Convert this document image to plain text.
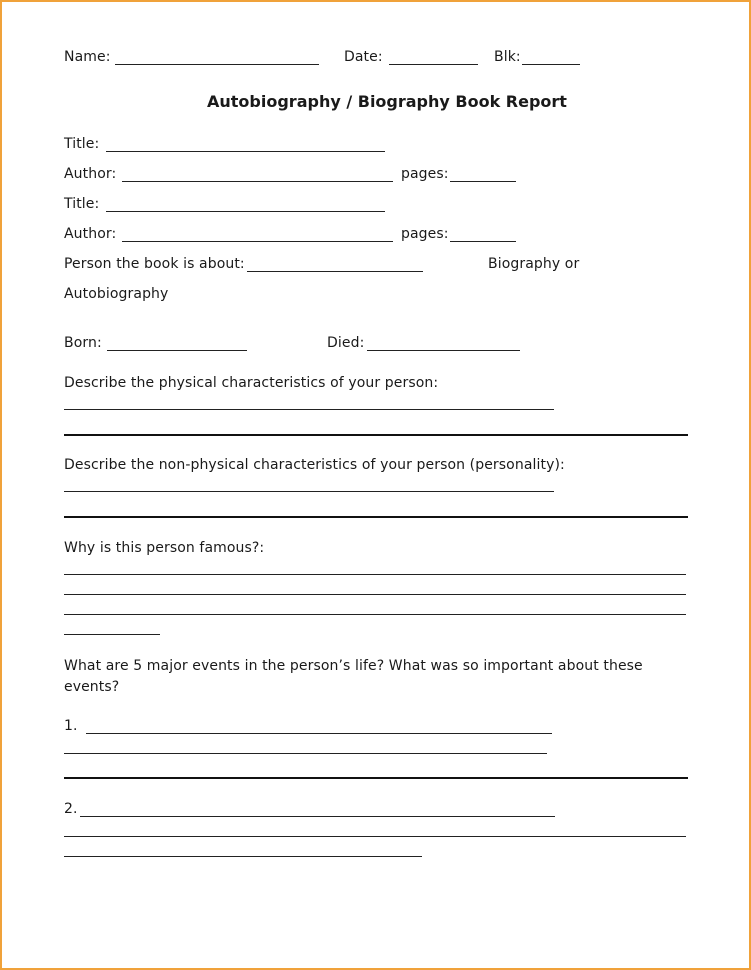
Name:	Date:	Blk:
Autobiography / Biography Book Report
Title:
Author:	pages:
Title:
Author:	pages:
Person the book is about:	Biography or
Autobiography
Born:	Died:
Describe the physical characteristics of your person:
Describe the non-physical characteristics of your person (personality):
Why is this person famous?:
What are 5 major events in the person’s life? What was so important about these events?
1.
2.
